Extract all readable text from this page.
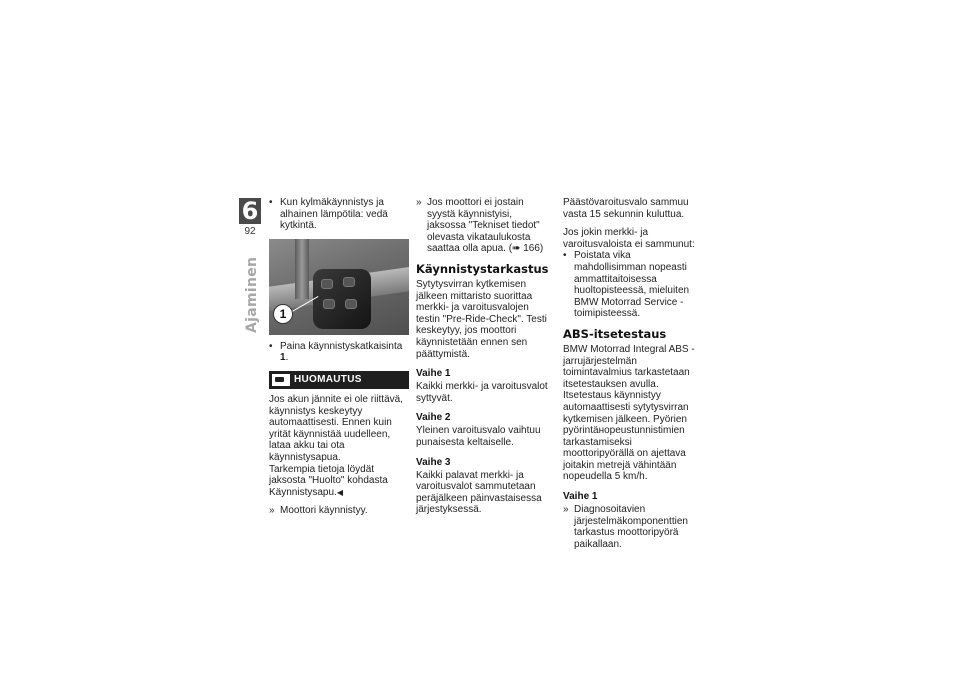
6
92
Ajaminen
• Kun kylmäkäynnistys ja alhainen lämpötila: vedä kytkintä.
1
• Paina käynnistyskatkaisinta 1.
HUOMAUTUS
Jos akun jännite ei ole riittävä, käynnistys keskeytyy automaattisesti. Ennen kuin yrität käynnistää uudelleen, lataa akku tai ota käynnistysapua.
Tarkempia tietoja löydät jaksosta "Huolto" kohdasta Käynnistysapu.◀
» Moottori käynnistyy.
» Jos moottori ei jostain syystä käynnistyisi, jaksossa "Tekniset tiedot" olevasta vikataulukosta saattaa olla apua. (➠ 166)
Käynnistystarkastus
Sytytysvirran kytkemisen jälkeen mittaristo suorittaa merkki- ja varoitusvalojen testin "Pre-Ride-Check". Testi keskeytyy, jos moottori käynnistetään ennen sen päättymistä.
Vaihe 1
Kaikki merkki- ja varoitusvalot syttyvät.
Vaihe 2
Yleinen varoitusvalo vaihtuu punaisesta keltaiselle.
Vaihe 3
Kaikki palavat merkki- ja varoitusvalot sammutetaan peräjälkeen päinvastaisessa järjestyksessä.
Päästövaroitusvalo sammuu vasta 15 sekunnin kuluttua.
Jos jokin merkki- ja varoitusvaloista ei sammunut:
• Poistata vika mahdollisimman nopeasti ammattitaitoisessa huoltopisteessä, mieluiten BMW Motorrad Service -toimipisteessä.
ABS-itsetestaus
BMW Motorrad Integral ABS -jarrujärjestelmän toimintavalmius tarkastetaan itsetestauksen avulla. Itsetestaus käynnistyy automaattisesti sytytysvirran kytkemisen jälkeen. Pyörien pyörintäнopeustunnistimien tarkastamiseksi moottoripyörällä on ajettava joitakin metrejä vähintään nopeudella 5 km/h.
Vaihe 1
» Diagnosoitavien järjestelmäkomponenttien tarkastus moottoripyörä paikallaan.
